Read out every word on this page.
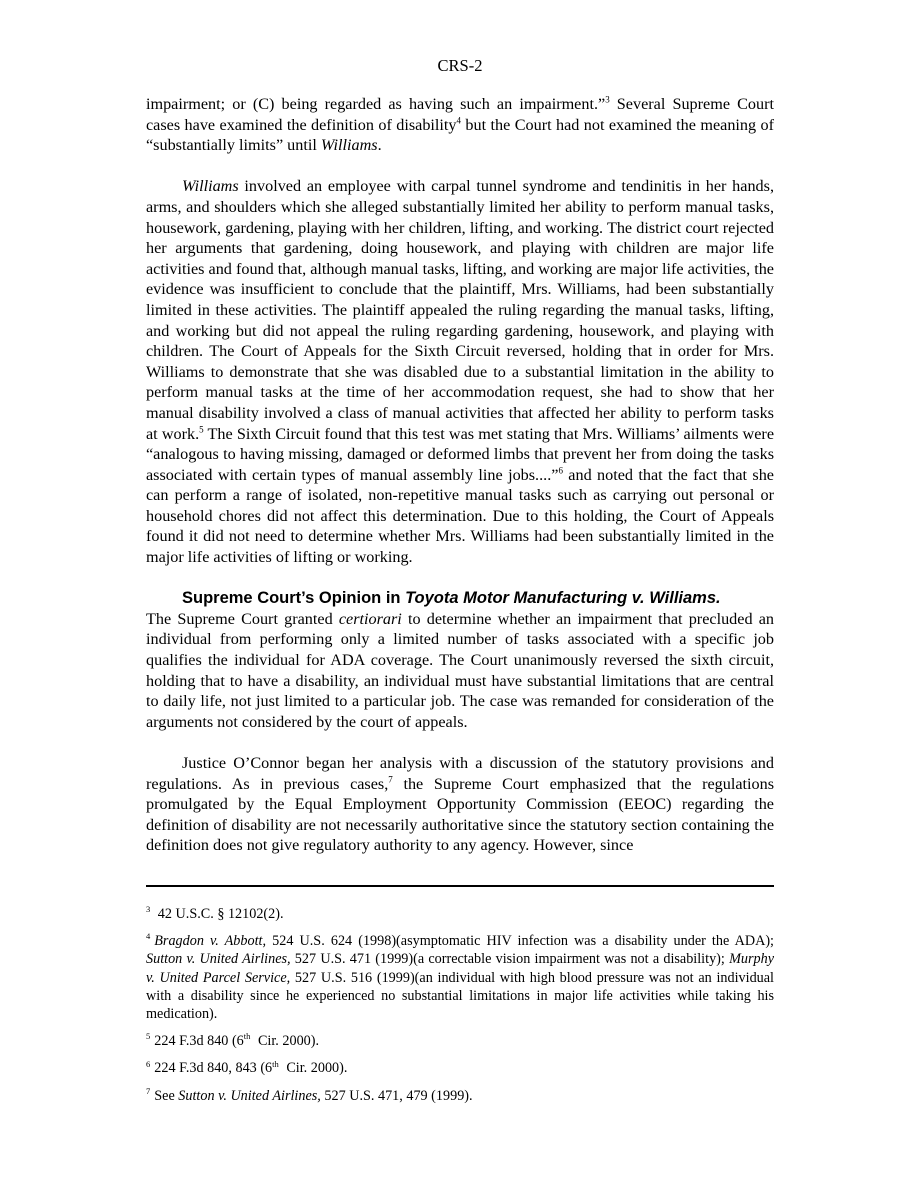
CRS-2

impairment; or (C) being regarded as having such an impairment.”$^3$ Several Supreme Court cases have examined the definition of disability$^4$ but the Court had not examined the meaning of “substantially limits” until Williams.

Williams involved an employee with carpal tunnel syndrome and tendinitis in her hands, arms, and shoulders which she alleged substantially limited her ability to perform manual tasks, housework, gardening, playing with her children, lifting, and working. The district court rejected her arguments that gardening, doing housework, and playing with children are major life activities and found that, although manual tasks, lifting, and working are major life activities, the evidence was insufficient to conclude that the plaintiff, Mrs. Williams, had been substantially limited in these activities. The plaintiff appealed the ruling regarding the manual tasks, lifting, and working but did not appeal the ruling regarding gardening, housework, and playing with children. The Court of Appeals for the Sixth Circuit reversed, holding that in order for Mrs. Williams to demonstrate that she was disabled due to a substantial limitation in the ability to perform manual tasks at the time of her accommodation request, she had to show that her manual disability involved a class of manual activities that affected her ability to perform tasks at work.$^5$ The Sixth Circuit found that this test was met stating that Mrs. Williams’ ailments were “analogous to having missing, damaged or deformed limbs that prevent her from doing the tasks associated with certain types of manual assembly line jobs....”$^6$ and noted that the fact that she can perform a range of isolated, non-repetitive manual tasks such as carrying out personal or household chores did not affect this determination. Due to this holding, the Court of Appeals found it did not need to determine whether Mrs. Williams had been substantially limited in the major life activities of lifting or working.

Supreme Court’s Opinion in Toyota Motor Manufacturing v. Williams.
The Supreme Court granted certiorari to determine whether an impairment that precluded an individual from performing only a limited number of tasks associated with a specific job qualifies the individual for ADA coverage. The Court unanimously reversed the sixth circuit, holding that to have a disability, an individual must have substantial limitations that are central to daily life, not just limited to a particular job. The case was remanded for consideration of the arguments not considered by the court of appeals.

Justice O’Connor began her analysis with a discussion of the statutory provisions and regulations. As in previous cases,$^7$ the Supreme Court emphasized that the regulations promulgated by the Equal Employment Opportunity Commission (EEOC) regarding the definition of disability are not necessarily authoritative since the statutory section containing the definition does not give regulatory authority to any agency. However, since

$^3$ 42 U.S.C. § 12102(2).

$^4$ Bragdon v. Abbott, 524 U.S. 624 (1998)(asymptomatic HIV infection was a disability under the ADA); Sutton v. United Airlines, 527 U.S. 471 (1999)(a correctable vision impairment was not a disability); Murphy v. United Parcel Service, 527 U.S. 516 (1999)(an individual with high blood pressure was not an individual with a disability since he experienced no substantial limitations in major life activities while taking his medication).

$^5$ 224 F.3d 840 (6th Cir. 2000).

$^6$ 224 F.3d 840, 843 (6th Cir. 2000).

$^7$ See Sutton v. United Airlines, 527 U.S. 471, 479 (1999).
